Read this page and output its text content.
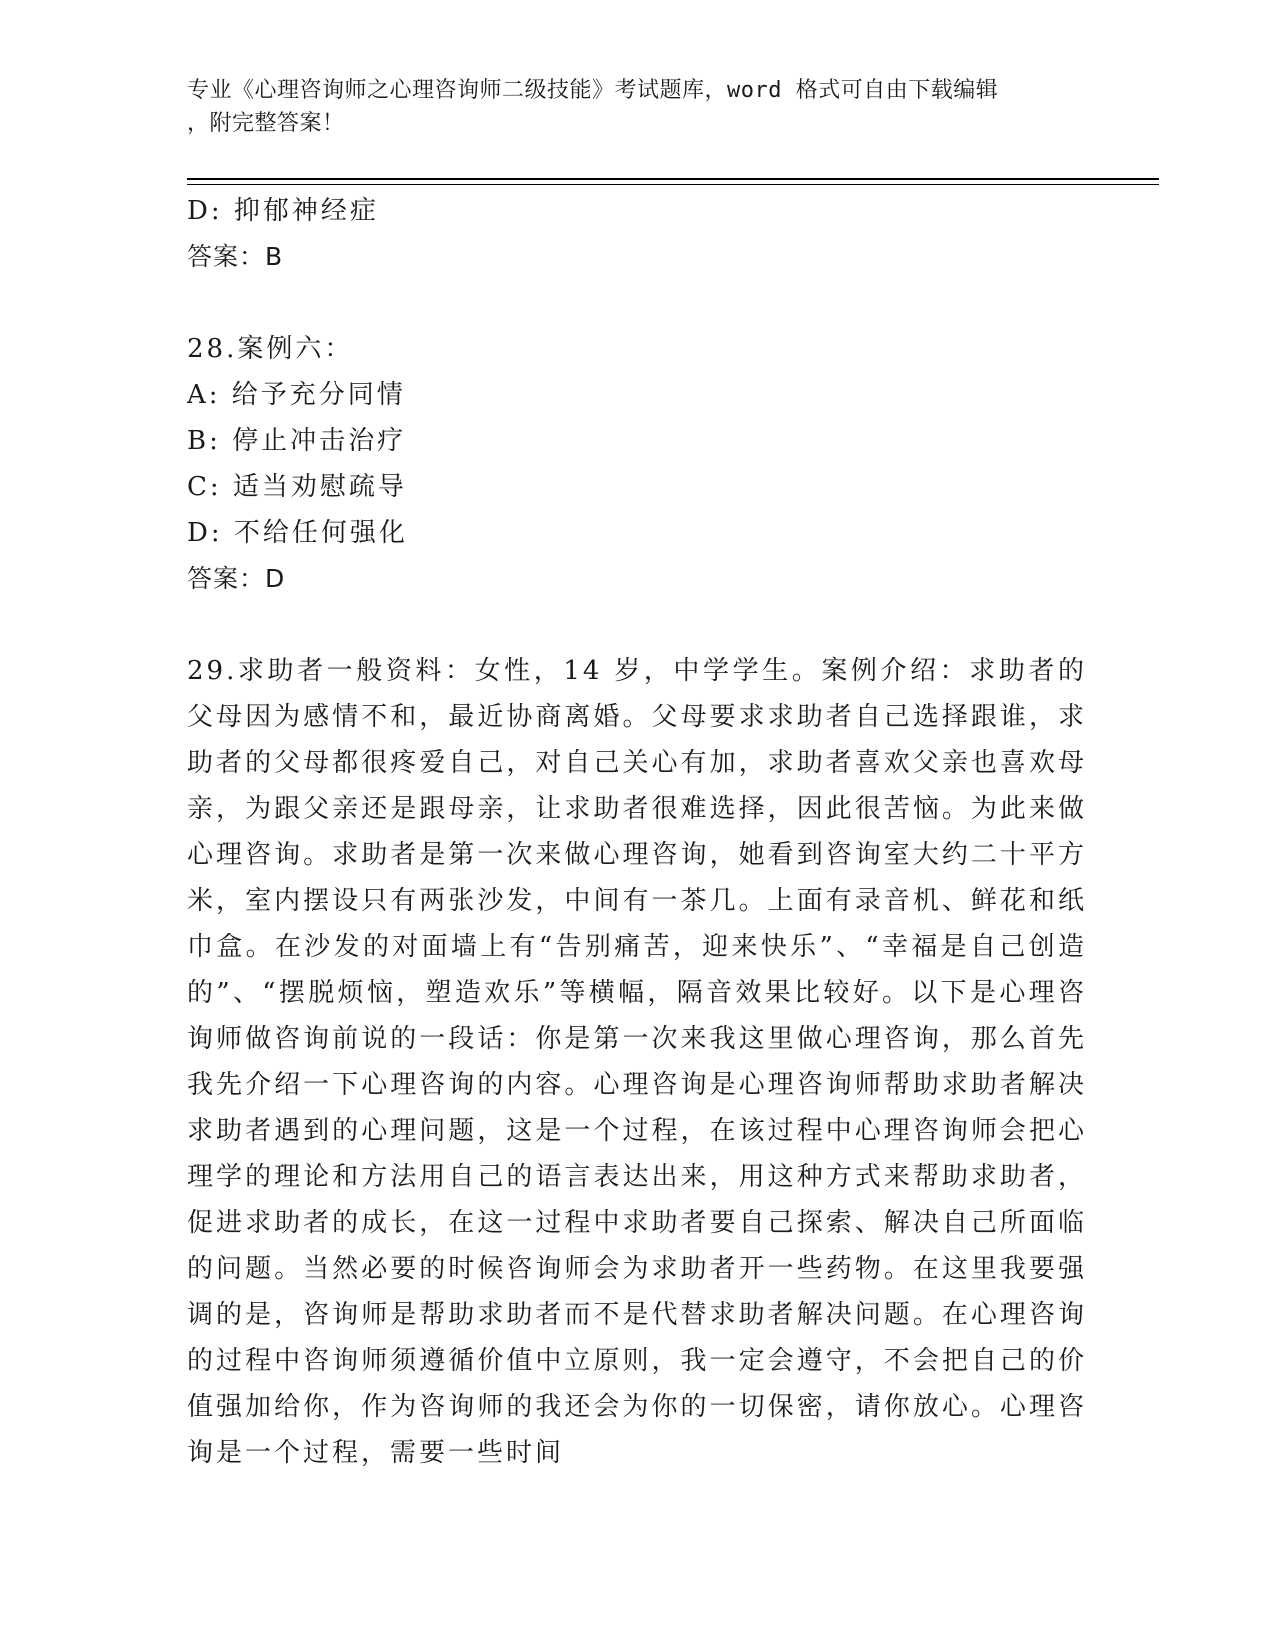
专业《心理咨询师之心理咨询师二级技能》考试题库，word 格式可自由下载编辑
，附完整答案！
D: 抑郁神经症
答案：B
28.案例六：
A: 给予充分同情
B: 停止冲击治疗
C: 适当劝慰疏导
D: 不给任何强化
答案：D
29.求助者一般资料：女性，14 岁，中学学生。案例介绍：求助者的父母因为感情不和，最近协商离婚。父母要求求助者自己选择跟谁，求助者的父母都很疼爱自己，对自己关心有加，求助者喜欢父亲也喜欢母亲，为跟父亲还是跟母亲，让求助者很难选择，因此很苦恼。为此来做心理咨询。求助者是第一次来做心理咨询，她看到咨询室大约二十平方米，室内摆设只有两张沙发，中间有一茶几。上面有录音机、鲜花和纸巾盒。在沙发的对面墙上有“告别痛苦，迎来快乐”、“幸福是自己创造的”、“摆脱烦恼，塑造欢乐”等横幅，隔音效果比较好。以下是心理咨询师做咨询前说的一段话：你是第一次来我这里做心理咨询，那么首先我先介绍一下心理咨询的内容。心理咨询是心理咨询师帮助求助者解决求助者遇到的心理问题，这是一个过程，在该过程中心理咨询师会把心理学的理论和方法用自己的语言表达出来，用这种方式来帮助求助者，促进求助者的成长，在这一过程中求助者要自己探索、解决自己所面临的问题。当然必要的时候咨询师会为求助者开一些药物。在这里我要强调的是，咨询师是帮助求助者而不是代替求助者解决问题。在心理咨询的过程中咨询师须遵循价值中立原则，我一定会遵守，不会把自己的价值强加给你，作为咨询师的我还会为你的一切保密，请你放心。心理咨询是一个过程，需要一些时间
